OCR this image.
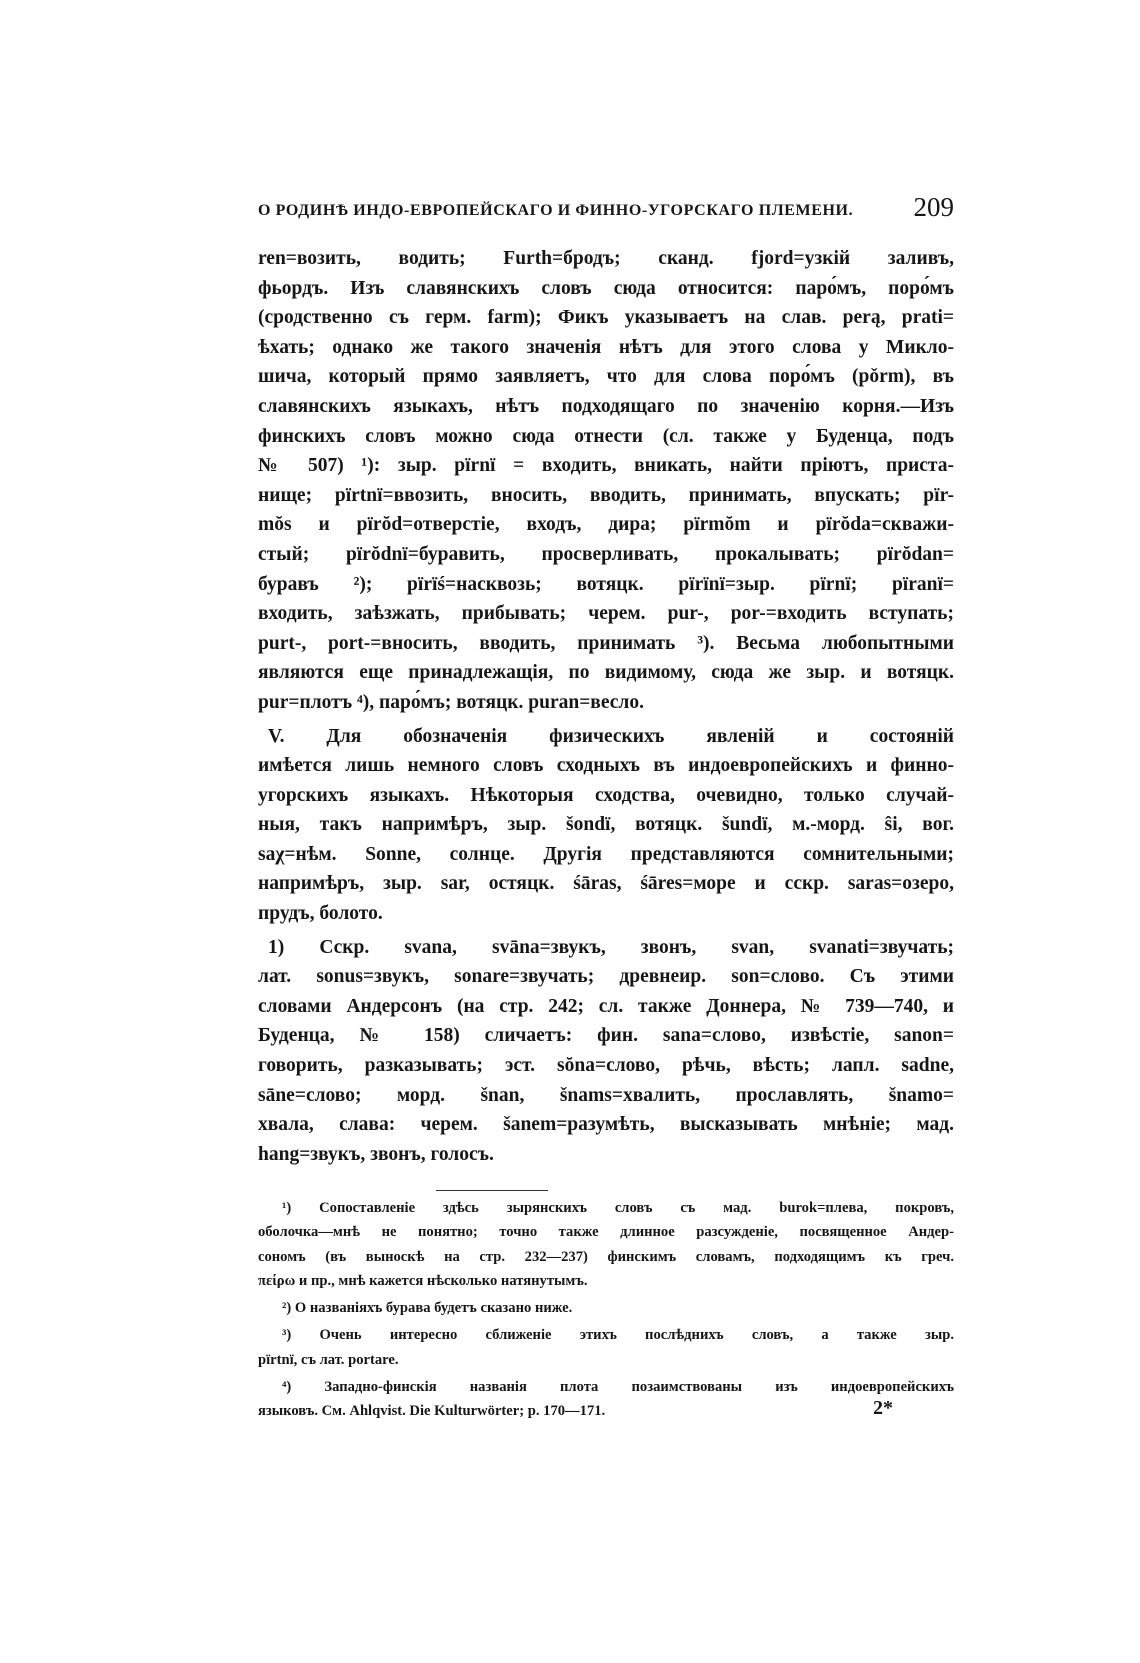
О РОДИНѢ ИНДО-ЕВРОПЕЙСКАГО И ФИННО-УГОРСКАГО ПЛЕМЕНИ. 209
ren=возить, водить; Furth=бродъ; сканд. fjord=узкій заливъ,
фьордъ. Изъ славянскихъ словъ сюда относится: паро́мъ, поро́мъ
(сродственно съ герм. farm); Фикъ указываетъ на слав. perą, prati=
ѣхать; однако же такого значенія нѣтъ для этого слова у Миклo-
шича, который прямо заявляетъ, что для слова поро́мъ (pǒrm), въ
славянскихъ языкахъ, нѣтъ подходящаго по значенію корня.—Изъ
финскихъ словъ можно сюда отнести (сл. также у Буденца, подъ
№ 507) ¹): зыр. pïrnï = входить, вникать, найти пріютъ, приста-
нище; pïrtnï=ввозить, вносить, вводить, принимать, впускать; pïr-
mŏs и pïrŏd=отверстіе, входъ, дира; pïrmŏm и pïrŏda=скважи-
стый; pïrŏdnï=буравить, просверливать, прокалывать; pïrŏdan=
буравъ ²); pïrïś=насквозь; вотяцк. pïrïnï=зыр. pïrnï; pïranï=
входить, заѣзжать, прибывать; черем. pur-, por-=входить вступать;
purt-, port-=вносить, вводить, принимать ³). Весьма любопытными
являются еще принадлежащія, по видимому, сюда же зыр. и вотяцк.
pur=плотъ ⁴), паро́мъ; вотяцк. puran=весло.
V. Для обозначенія физическихъ явленій и состояній
имѣется лишь немного словъ сходныхъ въ индоевропейскихъ и финно-
угорскихъ языкахъ. Нѣкоторыя сходства, очевидно, только случай-
ныя, такъ напримѣръ, зыр. šondï, вотяцк. šundï, м.-морд. ŝi, вог.
saχ=нѣм. Sonne, солнце. Другія представляются сомнительными;
напримѣръ, зыр. sar, остяцк. śāras, śāres=море и сскр. saras=озеро,
прудъ, болото.
1) Сскр. svana, svāna=звукъ, звонъ, svan, svanati=звучать;
лат. sonus=звукъ, sonare=звучать; древнеир. son=слово. Съ этими
словами Андерсонъ (на стр. 242; сл. также Доннера, № 739—740, и
Буденца, № 158) сличаетъ: фин. sana=слово, извѣстіе, sanon=
говорить, разказывать; эст. sŏna=слово, рѣчь, вѣсть; лапл. sadne,
sāne=слово; морд. šnan, šnams=хвалить, прославлять, šnamo=
хвала, слава: черем. šanem=разумѣть, высказывать мнѣніе; мад.
hang=звукъ, звонъ, голосъ.
¹) Сопоставленіе здѣсь зырянскихъ словъ съ мад. burok=плева, покровъ,
оболочка—мнѣ не понятно; точно также длинное разсужденіе, посвященное Андер-
сономъ (въ выноскѣ на стр. 232—237) финскимъ словамъ, подходящимъ къ греч.
πείρω и пр., мнѣ кажется нѣсколько натянутымъ.
²) О названіяхъ бурава будетъ сказано ниже.
³) Очень интересно сближеніе этихъ послѣднихъ словъ, а также зыр.
pïrtnï, съ лат. portare.
⁴) Западно-финскія названія плота позаимствованы изъ индоевропейскихъ
языковъ. См. Ahlqvist. Die Kulturwörter; p. 170—171.	2*
